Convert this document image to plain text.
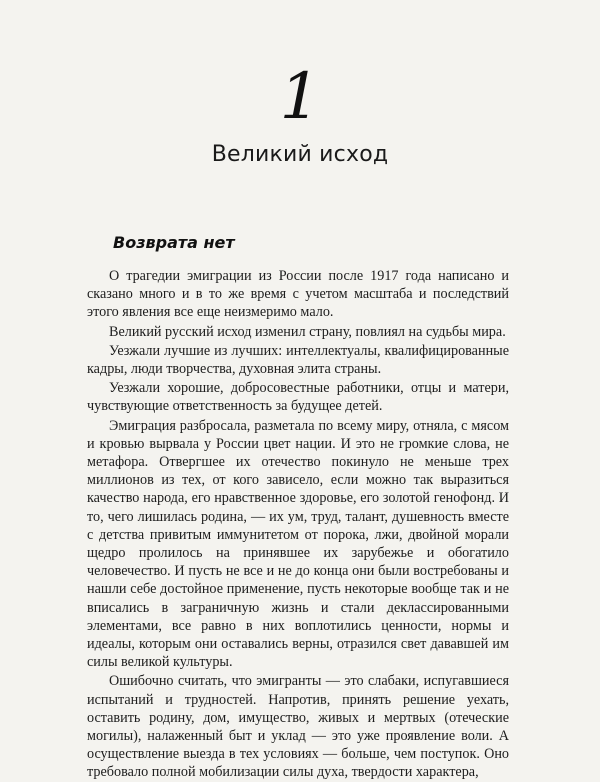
1
Великий исход
Возврата нет

О трагедии эмиграции из России после 1917 года написано и сказано много и в то же время с учетом масштаба и последствий этого явления все еще неизмеримо мало.

Великий русский исход изменил страну, повлиял на судьбы мира.

Уезжали лучшие из лучших: интеллектуалы, квалифицированные кадры, люди творчества, духовная элита страны.

Уезжали хорошие, добросовестные работники, отцы и матери, чувствующие ответственность за будущее детей.

Эмиграция разбросала, разметала по всему миру, отняла, с мясом и кровью вырвала у России цвет нации. И это не громкие слова, не метафора. Отвергшее их отечество покинуло не меньше трех миллионов из тех, от кого зависело, если можно так выразиться качество народа, его нравственное здоровье, его золотой генофонд. И то, чего лишилась родина, — их ум, труд, талант, душевность вместе с детства привитым иммунитетом от порока, лжи, двойной морали щедро пролилось на принявшее их зарубежье и обогатило человечество. И пусть не все и не до конца они были востребованы и нашли себе достойное применение, пусть некоторые вообще так и не вписались в заграничную жизнь и стали деклассированными элементами, все равно в них воплотились ценности, нормы и идеалы, которым они оставались верны, отразился свет дававшей им силы великой культуры.

Ошибочно считать, что эмигранты — это слабаки, испугавшиеся испытаний и трудностей. Напротив, принять решение уехать, оставить родину, дом, имущество, живых и мертвых (отеческие могилы), налаженный быт и уклад — это уже проявление воли. А осуществление выезда в тех условиях — больше, чем поступок. Оно требовало полной мобилизации силы духа, твердости характера,
